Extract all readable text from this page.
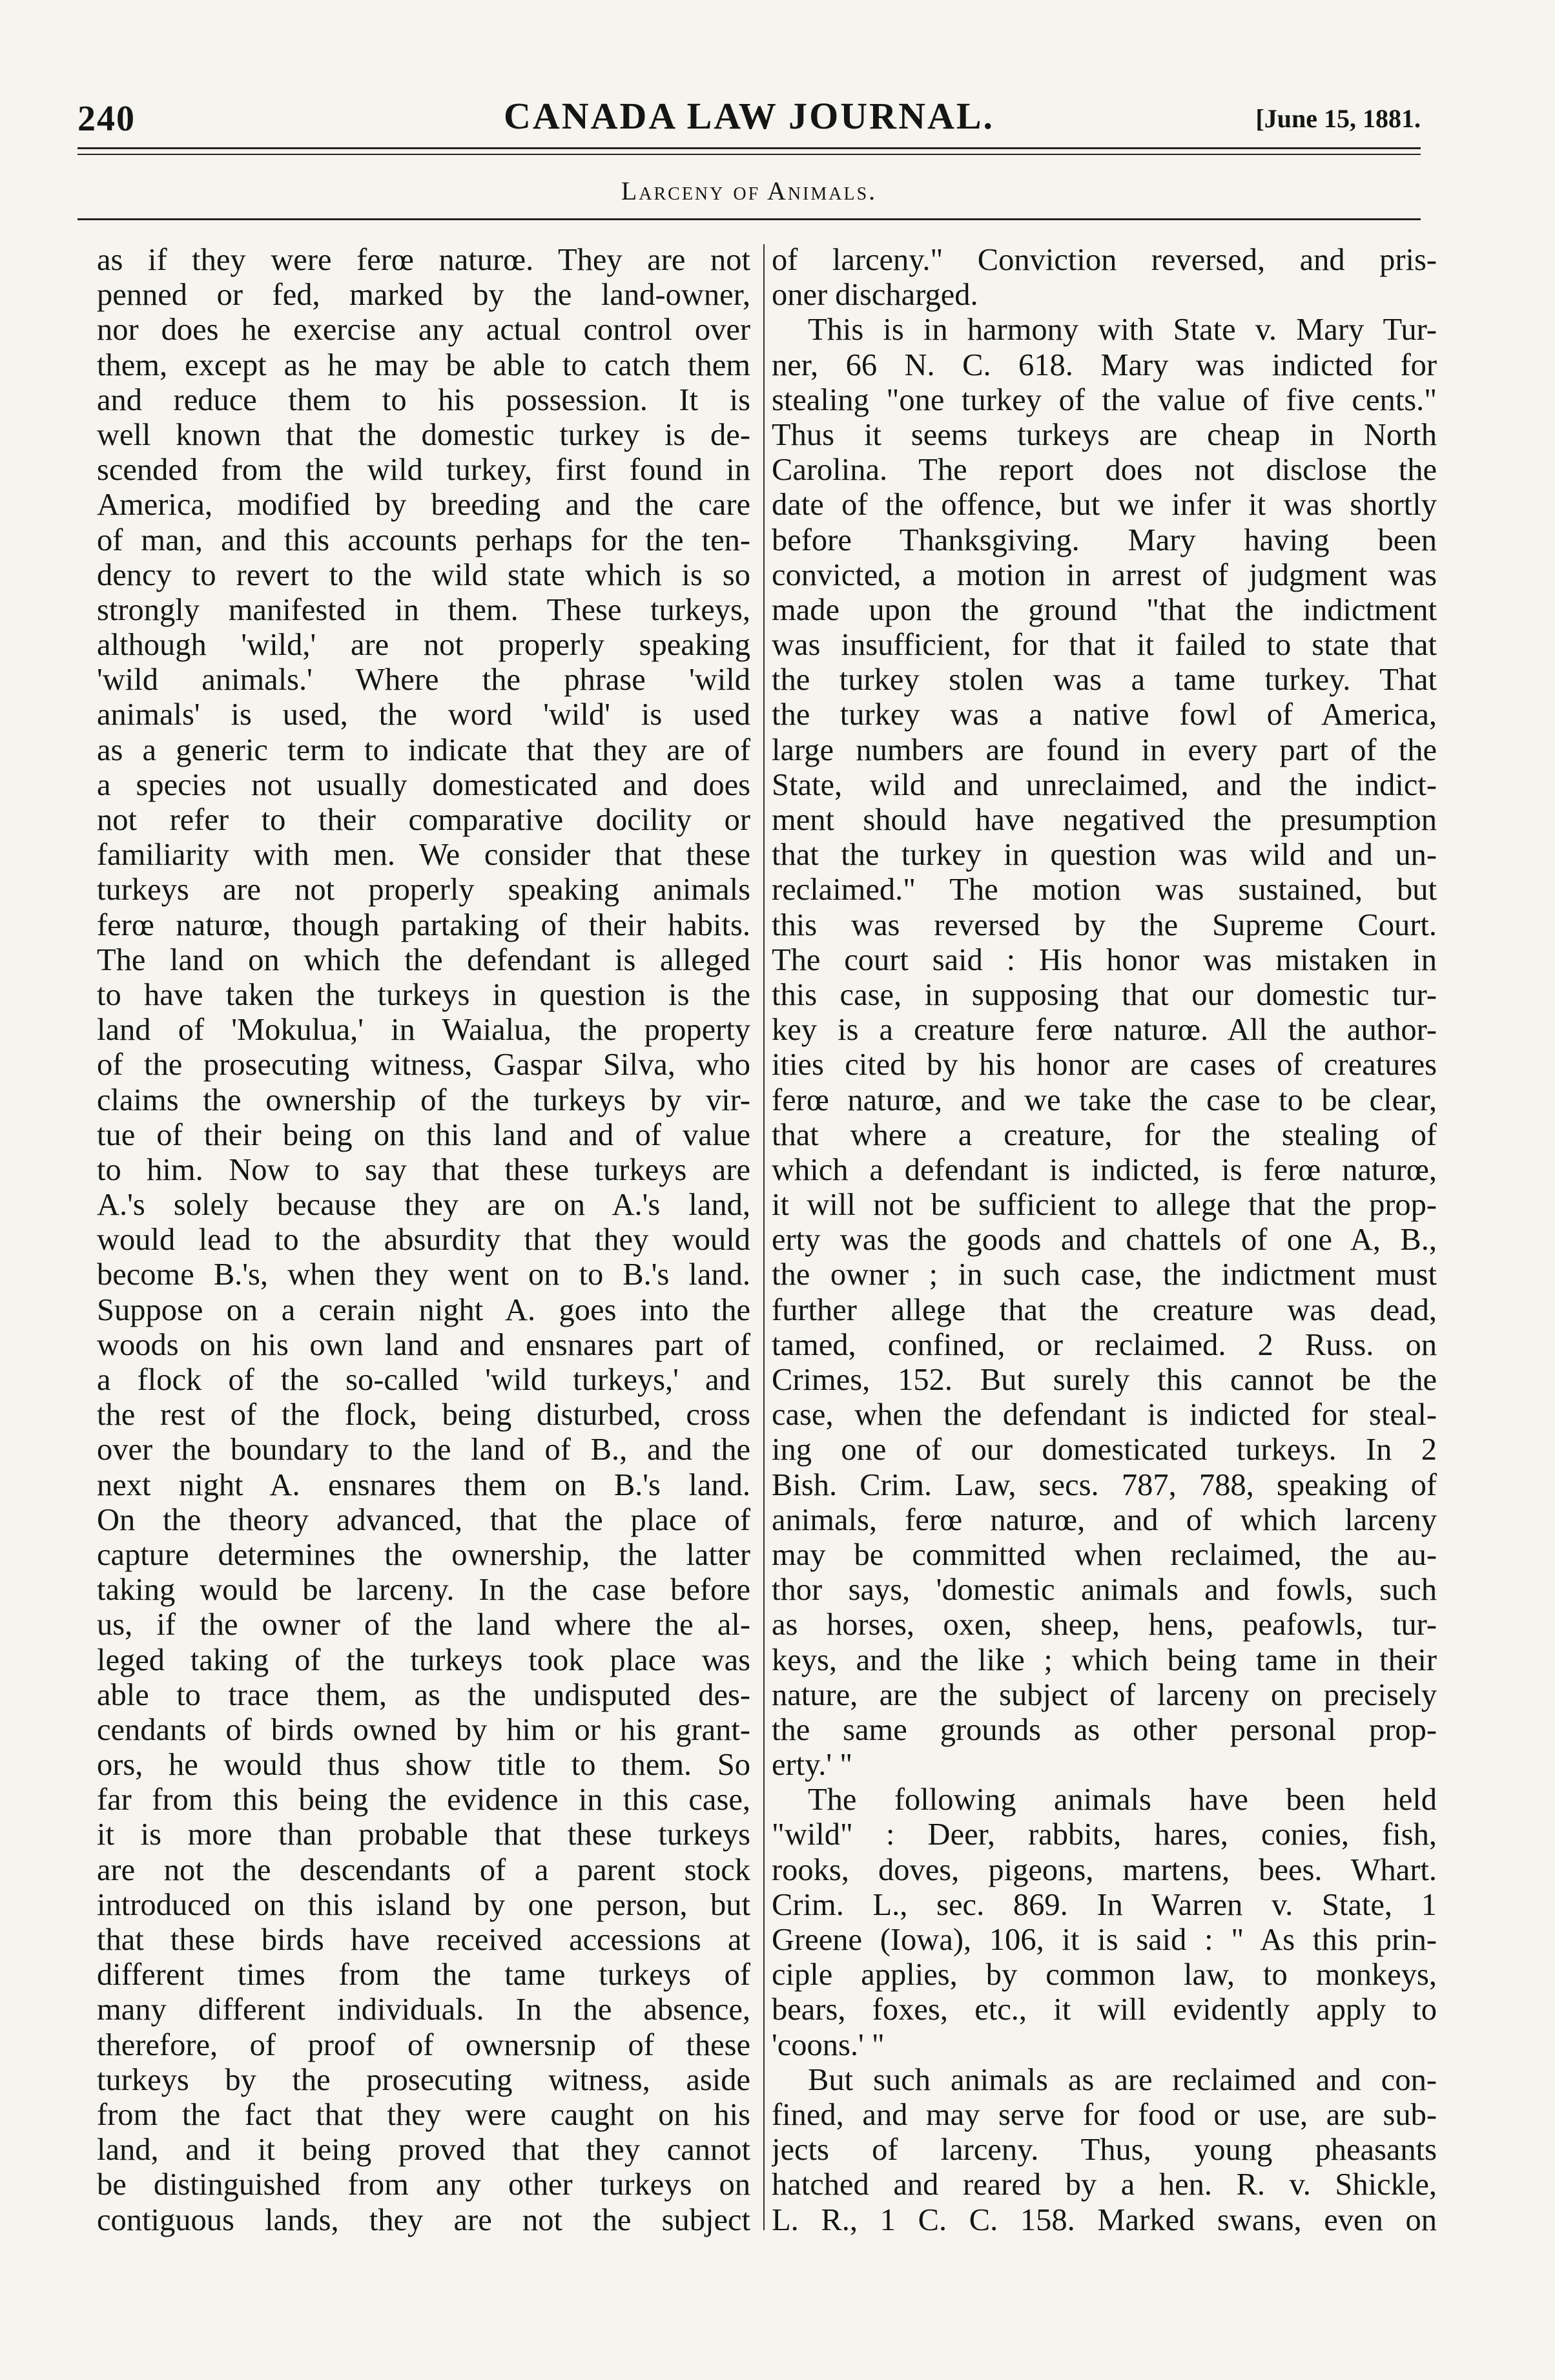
240	CANADA LAW JOURNAL.	[June 15, 1881.
Larceny of Animals.
as if they were ferœ naturœ. They are not
penned or fed, marked by the land-owner,
nor does he exercise any actual control over
them, except as he may be able to catch them
and reduce them to his possession. It is
well known that the domestic turkey is de-
scended from the wild turkey, first found in
America, modified by breeding and the care
of man, and this accounts perhaps for the ten-
dency to revert to the wild state which is so
strongly manifested in them. These turkeys,
although 'wild,' are not properly speaking
'wild animals.' Where the phrase 'wild
animals' is used, the word 'wild' is used
as a generic term to indicate that they are of
a species not usually domesticated and does
not refer to their comparative docility or
familiarity with men. We consider that these
turkeys are not properly speaking animals
ferœ naturœ, though partaking of their habits.
The land on which the defendant is alleged
to have taken the turkeys in question is the
land of 'Mokulua,' in Waialua, the property
of the prosecuting witness, Gaspar Silva, who
claims the ownership of the turkeys by vir-
tue of their being on this land and of value
to him. Now to say that these turkeys are
A.'s solely because they are on A.'s land,
would lead to the absurdity that they would
become B.'s, when they went on to B.'s land.
Suppose on a cerain night A. goes into the
woods on his own land and ensnares part of
a flock of the so-called 'wild turkeys,' and
the rest of the flock, being disturbed, cross
over the boundary to the land of B., and the
next night A. ensnares them on B.'s land.
On the theory advanced, that the place of
capture determines the ownership, the latter
taking would be larceny. In the case before
us, if the owner of the land where the al-
leged taking of the turkeys took place was
able to trace them, as the undisputed des-
cendants of birds owned by him or his grant-
ors, he would thus show title to them. So
far from this being the evidence in this case,
it is more than probable that these turkeys
are not the descendants of a parent stock
introduced on this island by one person, but
that these birds have received accessions at
different times from the tame turkeys of
many different individuals. In the absence,
therefore, of proof of ownersnip of these
turkeys by the prosecuting witness, aside
from the fact that they were caught on his
land, and it being proved that they cannot
be distinguished from any other turkeys on
contiguous lands, they are not the subject
of larceny." Conviction reversed, and pris-
oner discharged.
This is in harmony with State v. Mary Tur-
ner, 66 N. C. 618. Mary was indicted for
stealing "one turkey of the value of five cents."
Thus it seems turkeys are cheap in North
Carolina. The report does not disclose the
date of the offence, but we infer it was shortly
before Thanksgiving. Mary having been
convicted, a motion in arrest of judgment was
made upon the ground "that the indictment
was insufficient, for that it failed to state that
the turkey stolen was a tame turkey. That
the turkey was a native fowl of America,
large numbers are found in every part of the
State, wild and unreclaimed, and the indict-
ment should have negatived the presumption
that the turkey in question was wild and un-
reclaimed." The motion was sustained, but
this was reversed by the Supreme Court.
The court said : His honor was mistaken in
this case, in supposing that our domestic tur-
key is a creature ferœ naturœ. All the author-
ities cited by his honor are cases of creatures
ferœ naturœ, and we take the case to be clear,
that where a creature, for the stealing of
which a defendant is indicted, is ferœ naturœ,
it will not be sufficient to allege that the prop-
erty was the goods and chattels of one A, B.,
the owner ; in such case, the indictment must
further allege that the creature was dead,
tamed, confined, or reclaimed. 2 Russ. on
Crimes, 152. But surely this cannot be the
case, when the defendant is indicted for steal-
ing one of our domesticated turkeys. In 2
Bish. Crim. Law, secs. 787, 788, speaking of
animals, ferœ naturœ, and of which larceny
may be committed when reclaimed, the au-
thor says, 'domestic animals and fowls, such
as horses, oxen, sheep, hens, peafowls, tur-
keys, and the like ; which being tame in their
nature, are the subject of larceny on precisely
the same grounds as other personal prop-
erty.' "
The following animals have been held
"wild" : Deer, rabbits, hares, conies, fish,
rooks, doves, pigeons, martens, bees. Whart.
Crim. L., sec. 869. In Warren v. State, 1
Greene (Iowa), 106, it is said : " As this prin-
ciple applies, by common law, to monkeys,
bears, foxes, etc., it will evidently apply to
'coons.' "
But such animals as are reclaimed and con-
fined, and may serve for food or use, are sub-
jects of larceny. Thus, young pheasants
hatched and reared by a hen. R. v. Shickle,
L. R., 1 C. C. 158. Marked swans, even on
